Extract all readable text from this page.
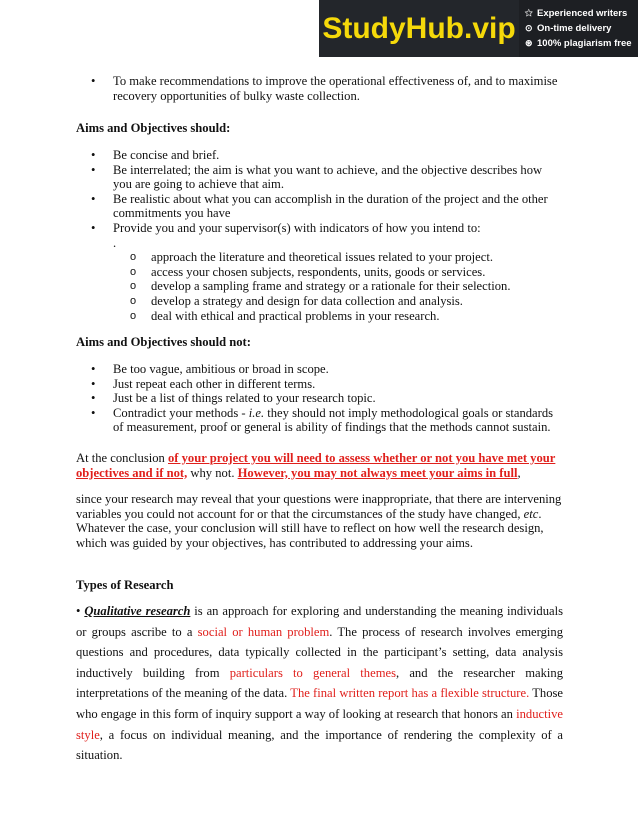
StudyHub.vip ✩ Experienced writers
⊙ On-time delivery
⊛ 100% plagiarism free
• To make recommendations to improve the operational effectiveness of, and to maximise recovery opportunities of bulky waste collection.
Aims and Objectives should:
• Be concise and brief.
• Be interrelated; the aim is what you want to achieve, and the objective describes how you are going to achieve that aim.
• Be realistic about what you can accomplish in the duration of the project and the other commitments you have
• Provide you and your supervisor(s) with indicators of how you intend to:
.
o approach the literature and theoretical issues related to your project.
o access your chosen subjects, respondents, units, goods or services.
o develop a sampling frame and strategy or a rationale for their selection.
o develop a strategy and design for data collection and analysis.
o deal with ethical and practical problems in your research.
Aims and Objectives should not:
• Be too vague, ambitious or broad in scope.
• Just repeat each other in different terms.
• Just be a list of things related to your research topic.
• Contradict your methods - i.e. they should not imply methodological goals or standards of measurement, proof or general is ability of findings that the methods cannot sustain.
At the conclusion of your project you will need to assess whether or not you have met your objectives and if not, why not. However, you may not always meet your aims in full,
since your research may reveal that your questions were inappropriate, that there are intervening variables you could not account for or that the circumstances of the study have changed, etc. Whatever the case, your conclusion will still have to reflect on how well the research design, which was guided by your objectives, has contributed to addressing your aims.
Types of Research
• Qualitative research is an approach for exploring and understanding the meaning individuals or groups ascribe to a social or human problem. The process of research involves emerging questions and procedures, data typically collected in the participant’s setting, data analysis inductively building from particulars to general themes, and the researcher making interpretations of the meaning of the data. The final written report has a flexible structure. Those who engage in this form of inquiry support a way of looking at research that honors an inductive style, a focus on individual meaning, and the importance of rendering the complexity of a situation.
